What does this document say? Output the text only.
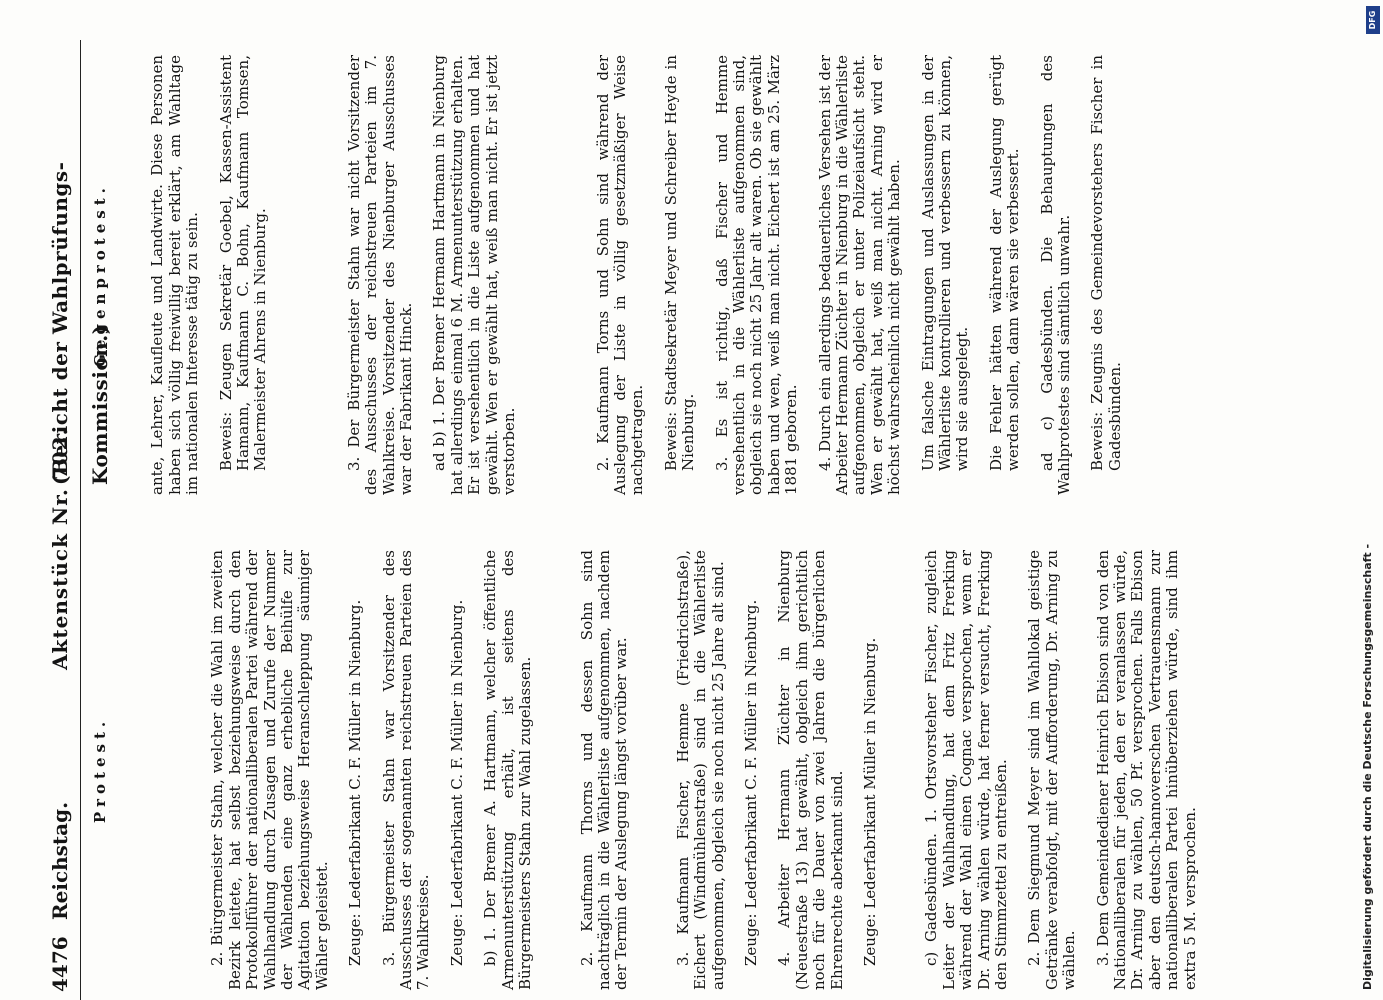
4476
Reichstag.
Aktenstück Nr. 702.
(Bericht der Wahlprüfungs-Kommission.)
Protest.	2. Bürgermeister Stahn, welcher die Wahl im zweiten Bezirk leitete, hat selbst beziehungsweise durch den Protokollführer der nationalliberalen Partei während der Wahlhandlung durch Zusagen und Zurufe der Nummer der Wählenden eine ganz erhebliche Beihülfe zur Agitation beziehungsweise Heranschleppung säumiger Wähler geleistet. Zeuge: Lederfabrikant C. F. Müller in Nienburg. 3. Bürgermeister Stahn war Vorsitzender des Ausschusses der sogenannten reichstreuen Parteien des 7. Wahlkreises. Zeuge: Lederfabrikant C. F. Müller in Nienburg. b) 1. Der Bremer A. Hartmann, welcher öffentliche Armenunterstützung erhält, ist seitens des Bürgermeisters Stahn zur Wahl zugelassen.	2. Kaufmann Thorns und dessen Sohn sind nachträglich in die Wählerliste aufgenommen, nachdem der Termin der Auslegung längst vorüber war.	3. Kaufmann Fischer, Hemme (Friedrichstraße), Eichert (Windmühlenstraße) sind in die Wählerliste aufgenommen, obgleich sie noch nicht 25 Jahre alt sind. Zeuge: Lederfabrikant C. F. Müller in Nienburg. 4. Arbeiter Hermann Züchter in Nienburg (Neuestraße 13) hat gewählt, obgleich ihm gerichtlich noch für die Dauer von zwei Jahren die bürgerlichen Ehrenrechte aberkannt sind. Zeuge: Lederfabrikant Müller in Nienburg.	c) Gadesbünden. 1. Ortsvorsteher Fischer, zugleich Leiter der Wahlhandlung, hat dem Fritz Frerking während der Wahl einen Cognac versprochen, wenn er Dr. Arning wählen würde, hat ferner versucht, Frerking den Stimmzettel zu entreißen. 2. Dem Siegmund Meyer sind im Wahllokal geistige Getränke verabfolgt, mit der Aufforderung, Dr. Arning zu wählen. 3. Dem Gemeindediener Heinrich Ebison sind von den Nationalliberalen für jeden, den er veranlassen würde, Dr. Arning zu wählen, 50 Pf. versprochen. Falls Ebison aber den deutsch-hannoverschen Vertrauensmann zur nationalliberalen Partei hinüberziehen würde, sind ihm extra 5 M. versprochen.

Gegenprotest.	ante, Lehrer, Kaufleute und Landwirte. Diese Personen haben sich völlig freiwillig bereit erklärt, am Wahltage im nationalen Interesse tätig zu sein. Beweis: Zeugen Sekretär Goebel, Kassen-Assistent Hamann, Kaufmann C. Bohn, Kaufmann Tomsen, Malermeister Ahrens in Nienburg.	3. Der Bürgermeister Stahn war nicht Vorsitzender des Ausschusses der reichstreuen Parteien im 7. Wahlkreise. Vorsitzender des Nienburger Ausschusses war der Fabrikant Hinck. ad b) 1. Der Bremer Hermann Hartmann in Nienburg hat allerdings einmal 6 M. Armenunterstützung erhalten. Er ist versehentlich in die Liste aufgenommen und hat gewählt. Wen er gewählt hat, weiß man nicht. Er ist jetzt verstorben.	2. Kaufmann Torns und Sohn sind während der Auslegung der Liste in völlig gesetzmäßiger Weise nachgetragen. Beweis: Stadtsekretär Meyer und Schreiber Heyde in Nienburg. 3. Es ist richtig, daß Fischer und Hemme versehentlich in die Wählerliste aufgenommen sind, obgleich sie noch nicht 25 Jahr alt waren. Ob sie gewählt haben und wen, weiß man nicht. Eichert ist am 25. März 1881 geboren. 4. Durch ein allerdings bedauerliches Versehen ist der Arbeiter Hermann Züchter in Nienburg in die Wählerliste aufgenommen, obgleich er unter Polizeiaufsicht steht. Wen er gewählt hat, weiß man nicht. Arning wird er höchst wahrscheinlich nicht gewählt haben. Um falsche Eintragungen und Auslassungen in der Wählerliste kontrollieren und verbessern zu können, wird sie ausgelegt. Die Fehler hätten während der Auslegung gerügt werden sollen, dann wären sie verbessert. ad c) Gadesbünden. Die Behauptungen des Wahlprotestes sind sämtlich unwahr. Beweis: Zeugnis des Gemeindevorstehers Fischer in Gadesbünden.

DFG
Digitalisierung gefördert durch die Deutsche Forschungsgemeinschaft -
